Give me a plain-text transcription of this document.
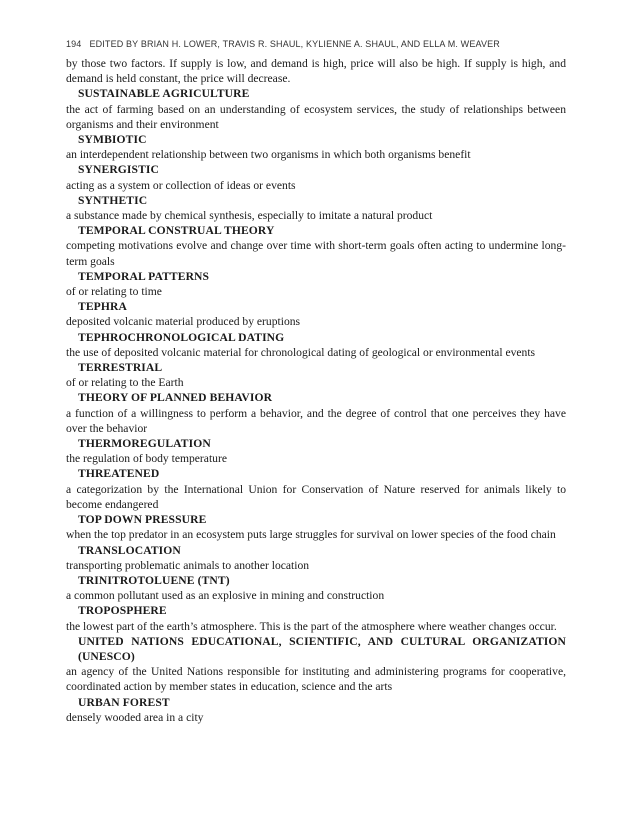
194 EDITED BY BRIAN H. LOWER, TRAVIS R. SHAUL, KYLIENNE A. SHAUL, AND ELLA M. WEAVER

by those two factors. If supply is low, and demand is high, price will also be high. If supply is high, and demand is held constant, the price will decrease.

SUSTAINABLE AGRICULTURE

the act of farming based on an understanding of ecosystem services, the study of relationships between organisms and their environment

SYMBIOTIC

an interdependent relationship between two organisms in which both organisms benefit

SYNERGISTIC

acting as a system or collection of ideas or events

SYNTHETIC

a substance made by chemical synthesis, especially to imitate a natural product

TEMPORAL CONSTRUAL THEORY

competing motivations evolve and change over time with short-term goals often acting to undermine long-term goals

TEMPORAL PATTERNS

of or relating to time

TEPHRA

deposited volcanic material produced by eruptions

TEPHROCHRONOLOGICAL DATING

the use of deposited volcanic material for chronological dating of geological or environmental events

TERRESTRIAL

of or relating to the Earth

THEORY OF PLANNED BEHAVIOR

a function of a willingness to perform a behavior, and the degree of control that one perceives they have over the behavior

THERMOREGULATION

the regulation of body temperature

THREATENED

a categorization by the International Union for Conservation of Nature reserved for animals likely to become endangered

TOP DOWN PRESSURE

when the top predator in an ecosystem puts large struggles for survival on lower species of the food chain

TRANSLOCATION

transporting problematic animals to another location

TRINITROTOLUENE (TNT)

a common pollutant used as an explosive in mining and construction

TROPOSPHERE

the lowest part of the earth’s atmosphere. This is the part of the atmosphere where weather changes occur.

UNITED NATIONS EDUCATIONAL, SCIENTIFIC, AND CULTURAL ORGANIZATION (UNESCO)

an agency of the United Nations responsible for instituting and administering programs for cooperative, coordinated action by member states in education, science and the arts

URBAN FOREST

densely wooded area in a city
